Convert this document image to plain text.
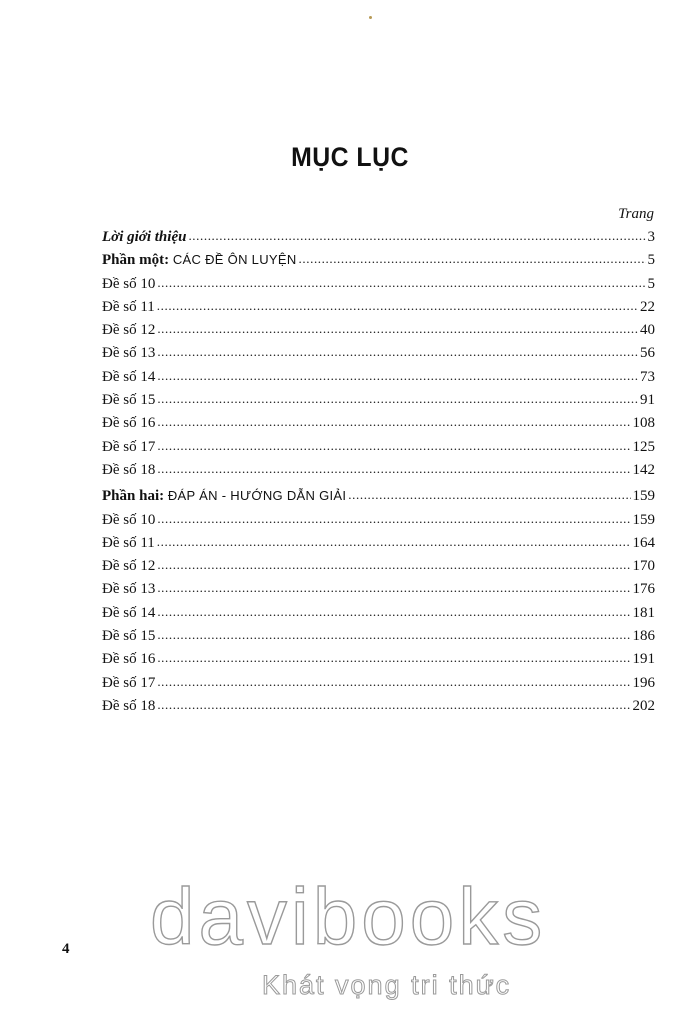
MỤC LỤC
Trang
Lời giới thiệu .....	3
Phần một: CÁC ĐỀ ÔN LUYỆN .....	5
Đề số 10 .....	5
Đề số 11 .....	22
Đề số 12 .....	40
Đề số 13 .....	56
Đề số 14 .....	73
Đề số 15 .....	91
Đề số 16 .....	108
Đề số 17 .....	125
Đề số 18 .....	142
Phần hai: ĐÁP ÁN - HƯỚNG DẪN GIẢI .....	159
Đề số 10 .....	159
Đề số 11 .....	164
Đề số 12 .....	170
Đề số 13 .....	176
Đề số 14 .....	181
Đề số 15 .....	186
Đề số 16 .....	191
Đề số 17 .....	196
Đề số 18 .....	202
4 davibooks
Khát vọng tri thức
